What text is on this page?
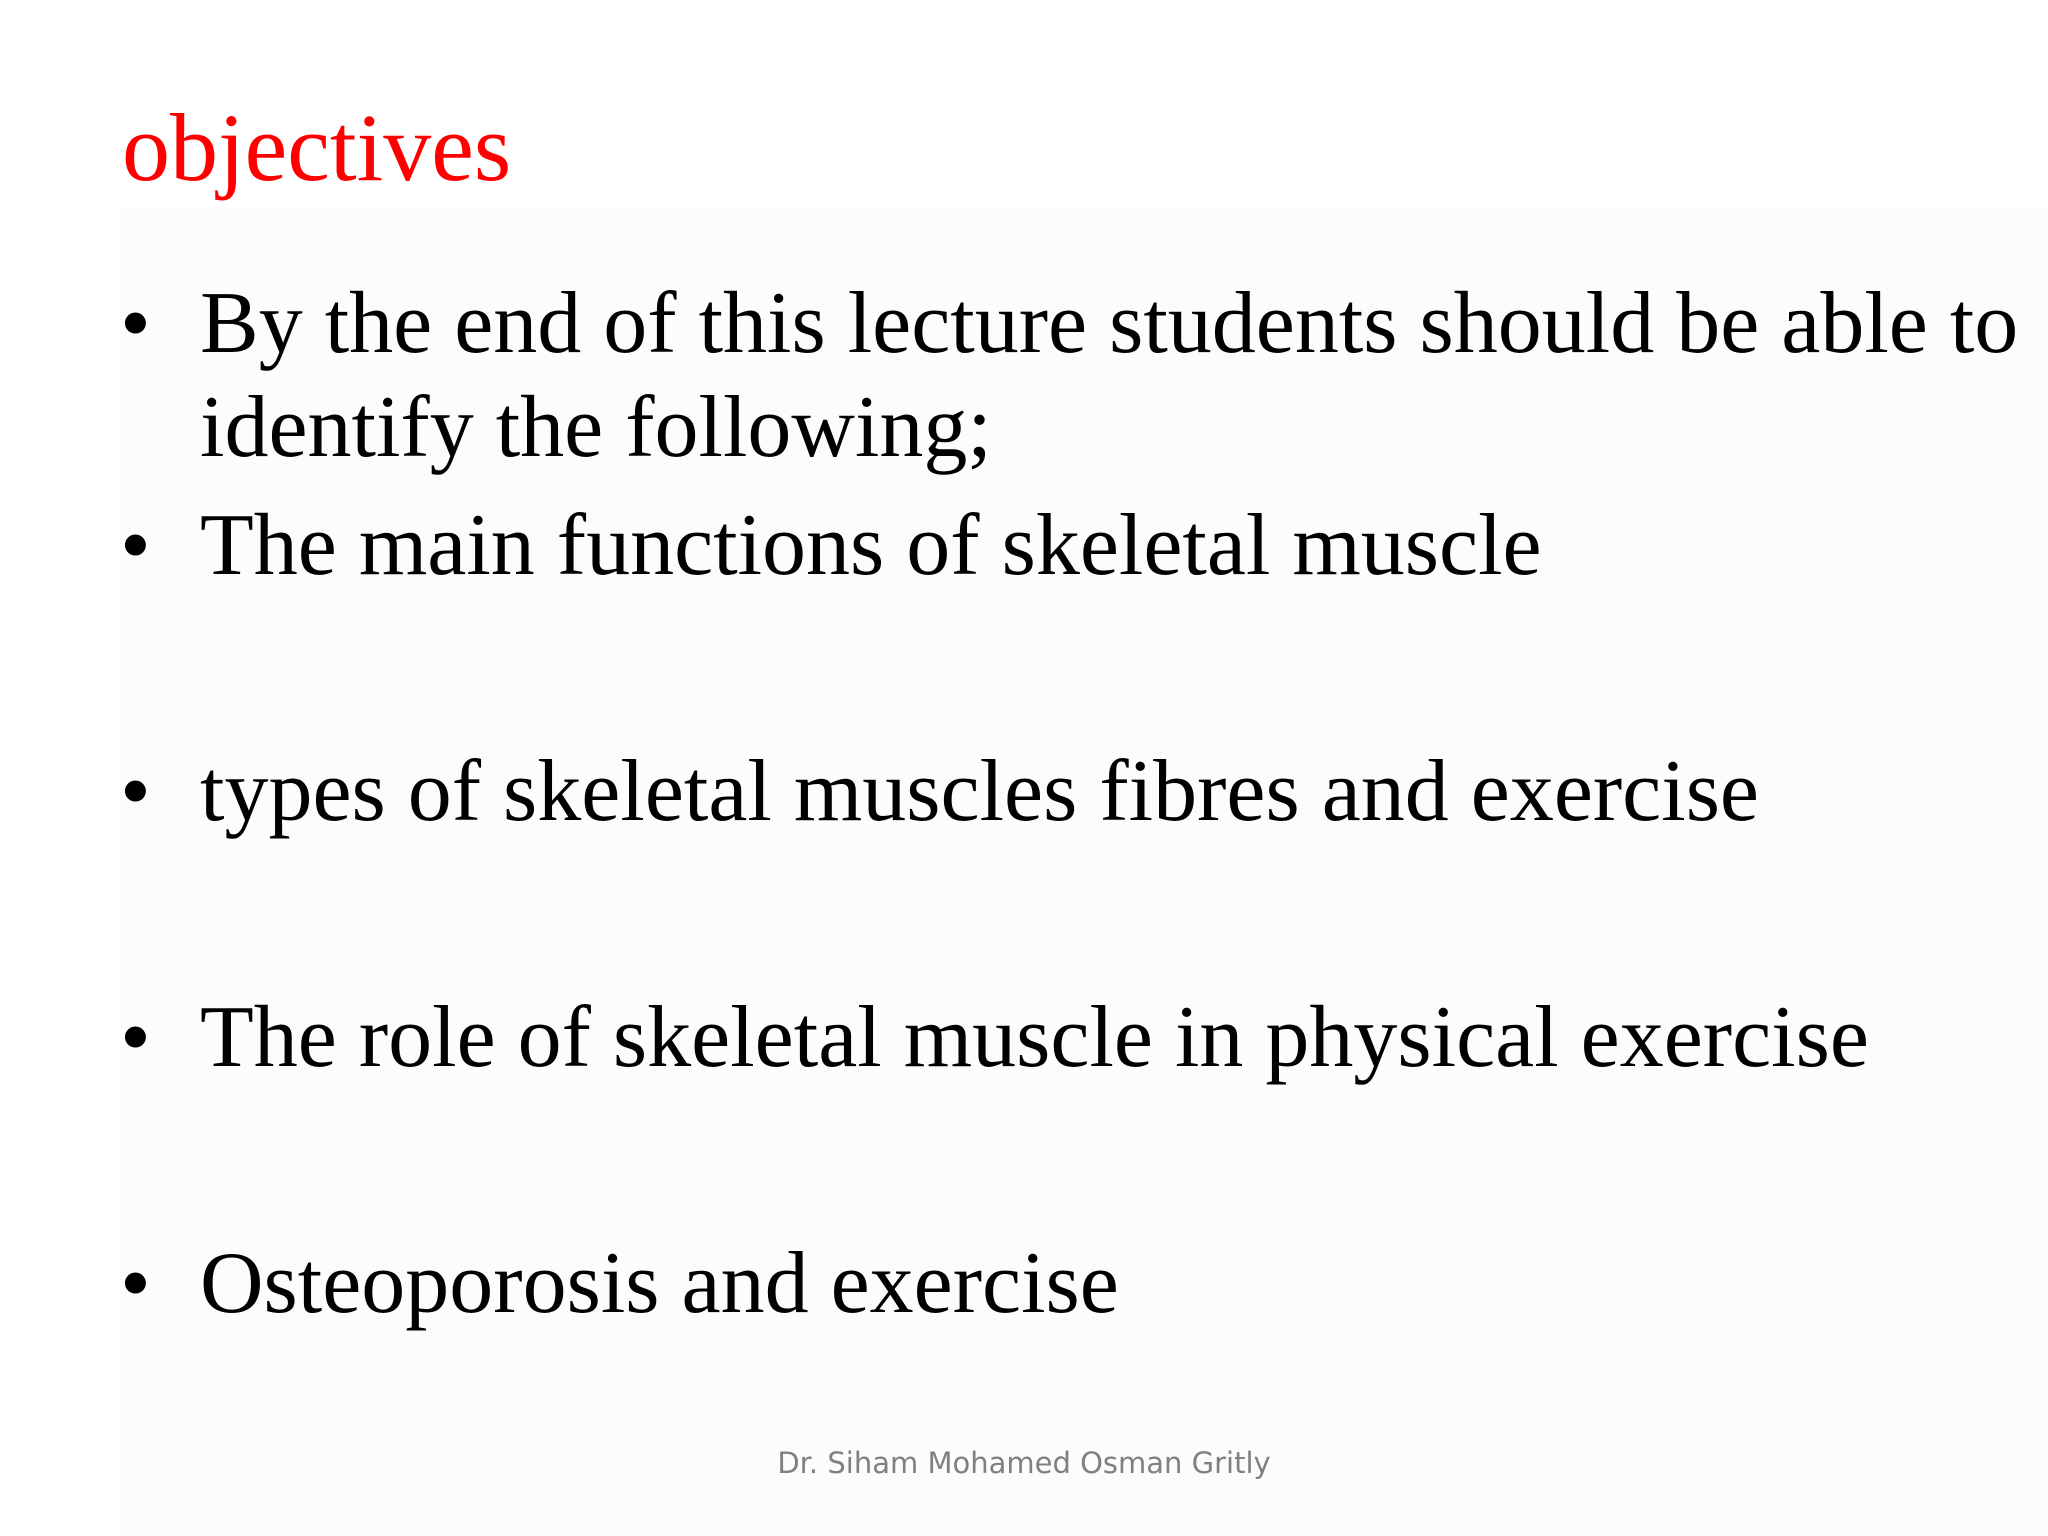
objectives
• By the end of this lecture students should be able to identify the following;
• The main functions of skeletal muscle
• types of skeletal muscles fibres and exercise
• The role of skeletal muscle in physical exercise
• Osteoporosis and exercise
Dr. Siham Mohamed Osman Gritly
